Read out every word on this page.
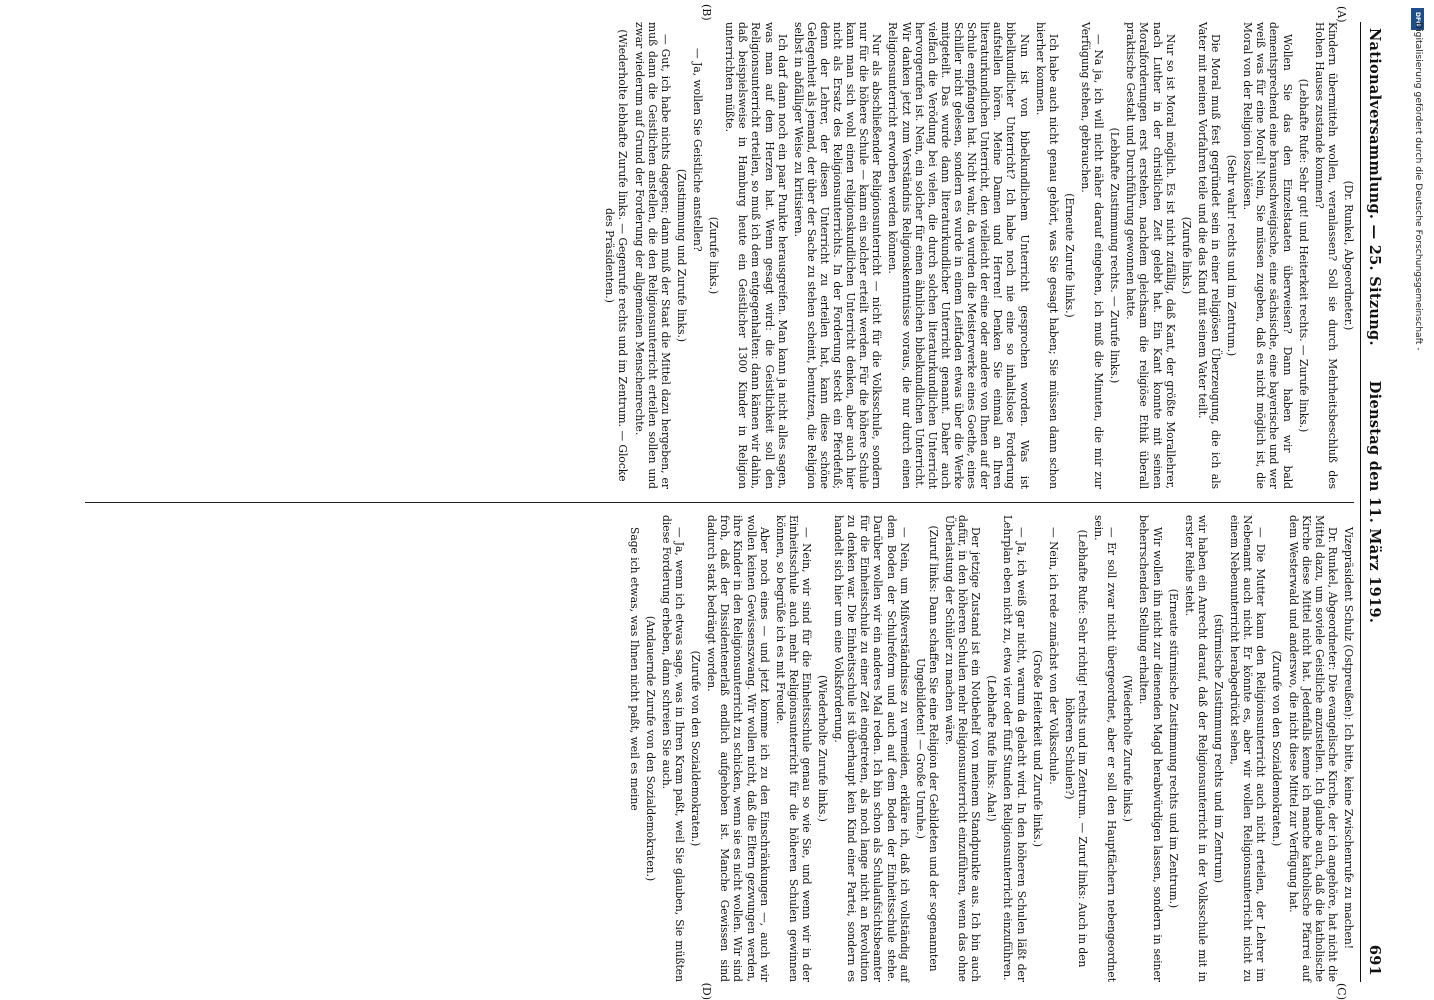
Nationalversammlung. — 25. Sitzung.
Dienstag den 11. März 1919.
691
(A)
(B)

(Dr. Runkel, Abgeordneter.)

Kindern übermitteln wollen, veranlassen? Soll sie durch Mehrheitsbeschluß des Hohen Hauses zustande kommen?

(Lebhafte Rufe: Sehr gut! und Heiterkeit rechts. — Zurufe links.)

Wollen Sie das den Einzelstaaten überweisen? Dann haben wir bald dementsprechend eine braunschweigische, eine sächsische, eine bayerische und wer weiß was für eine Moral! Nein, Sie müssen zugeben, daß es nicht möglich ist, die Moral von der Religion loszulösen.

(Sehr wahr! rechts und im Zentrum.)

Die Moral muß fest gegründet sein in einer religiösen Überzeugung, die ich als Vater mit meinen Vorfahren teile und die das Kind mit seinem Vater teilt.

(Zurufe links.)

Nur so ist Moral möglich. Es ist nicht zufällig, daß Kant, der größte Morallehrer, nach Luther in der christlichen Zeit gelebt hat. Ein Kant konnte mit seinen Moralforderungen erst erstehen, nachdem gleichsam die religiöse Ethik überall praktische Gestalt und Durchführung gewonnen hatte.

(Lebhafte Zustimmung rechts. — Zurufe links.)

— Na ja, ich will nicht näher darauf eingehen, ich muß die Minuten, die mir zur Verfügung stehen, gebrauchen.

(Erneute Zurufe links.)

Ich habe auch nicht genau gehört, was Sie gesagt haben; Sie müssen dann schon hierher kommen.

Nun ist von bibelkundlichem Unterricht gesprochen worden. Was ist bibelkundlicher Unterricht? Ich habe noch nie eine so inhaltslose Forderung aufstellen hören. Meine Damen und Herren! Denken Sie einmal an Ihren literaturkundlichen Unterricht, den vielleicht der eine oder andere von Ihnen auf der Schule empfangen hat. Nicht wahr, da wurden die Meisterwerke eines Goethe, eines Schiller nicht gelesen, sondern es wurde in einem Leitfaden etwas über die Werke mitgeteilt. Das wurde dann literaturkundlicher Unterricht genannt. Daher auch vielfach die Verödung bei vielen, die durch solchen literaturkundlichen Unterricht hervorgerufen ist. Nein, ein solcher für einen ähnlichen bibelkundlichen Unterricht. Wir danken jetzt zum Verständnis Religionskenntnisse voraus, die nur durch einen Religionsunterricht erworben werden können.

Nur als abschließender Religionsunterricht — nicht für die Volksschule, sondern nur für die höhere Schule — kann ein solcher erteilt werden. Für die höhere Schule kann man sich wohl einen religionskundlichen Unterricht denken, aber auch hier nicht als Ersatz des Religionsunterrichts. In der Forderung steckt ein Pferdefuß; denn der Lehrer, der diesen Unterricht zu erteilen hat, kann diese schöne Gelegenheit als jemand, der über der Sache zu stehen scheint, benutzen, die Religion selbst in abfälliger Weise zu kritisieren.

Ich darf dann noch ein paar Punkte herausgreifen. Man kann ja nicht alles sagen, was man auf dem Herzen hat. Wenn gesagt wird: die Geistlichkeit soll den Religionsunterricht erteilen, so muß ich dem entgegenhalten: dann kämen wir dahin, daß beispielsweise in Hamburg heute ein Geistlicher 1300 Kinder in Religion unterrichten müßte.

(Zurufe links.)

— Ja, wollen Sie Geistliche anstellen?

(Zustimmung und Zurufe links.)

— Gut, ich habe nichts dagegen; dann muß der Staat die Mittel dazu hergeben, er muß dann die Geistlichen anstellen, die den Religionsunterricht erteilen sollen und zwar wiederum auf Grund der Forderung der allgemeinen Menschenrechte.

(Wiederholte lebhafte Zurufe links. — Gegenrufe rechts und im Zentrum. — Glocke des Präsidenten.)

(C)
(D)

Vizepräsident Schulz (Ostpreußen): Ich bitte, keine Zwischenrufe zu machen!

Dr. Runkel, Abgeordneter: Die evangelische Kirche, der ich angehöre, hat nicht die Mittel dazu, um soviele Geistliche anzustellen. Ich glaube auch, daß die katholische Kirche diese Mittel nicht hat. Jedenfalls kenne ich manche katholische Pfarrei auf dem Westerwald und anderswo, die nicht diese Mittel zur Verfügung hat.

(Zurufe von den Sozialdemokraten.)

— Die Mutter kann den Religionsunterricht auch nicht erteilen, der Lehrer im Nebenamt auch nicht. Er könnte es, aber wir wollen Religionsunterricht nicht zu einem Nebenunterricht herabgedrückt sehen,

(stürmische Zustimmung rechts und im Zentrum)

wir haben ein Anrecht darauf, daß der Religionsunterricht in der Volksschule mit in erster Reihe steht.

(Erneute stürmische Zustimmung rechts und im Zentrum.)

Wir wollen ihn nicht zur dienenden Magd herabwürdigen lassen, sondern in seiner beherrschenden Stellung erhalten.

(Wiederholte Zurufe links.)

— Er soll zwar nicht übergeordnet, aber er soll den Hauptfächern nebengeordnet sein.

(Lebhafte Rufe: Sehr richtig! rechts und im Zentrum. — Zuruf links: Auch in den höheren Schulen?)

— Nein, ich rede zunächst von der Volksschule.

(Große Heiterkeit und Zurufe links.)

— Ja, ich weiß gar nicht, warum da gelacht wird. In den höheren Schulen läßt der Lehrplan eben nicht zu, etwa vier oder fünf Stunden Religionsunterricht einzuführen.

(Lebhafte Rufe links: Aha!)

Der jetzige Zustand ist ein Notbehelf von meinem Standpunkte aus. Ich bin auch dafür, in den höheren Schulen mehr Religionsunterricht einzuführen, wenn das ohne Überlastung der Schüler zu machen wäre.

(Zuruf links: Dann schaffen Sie eine Religion der Gebildeten und der sogenannten Ungebildeten! — Große Unruhe.)

— Nein, um Mißverständnisse zu vermeiden, erkläre ich, daß ich vollständig auf dem Boden der Schulreform und auch auf dem Boden der Einheitsschule stehe. Darüber wollen wir ein anderes Mal reden. Ich bin schon als Schulaufsichtsbeamter für die Einheitsschule zu einer Zeit eingetreten, als noch lange nicht an Revolution zu denken war. Die Einheitsschule ist überhaupt kein Kind einer Partei, sondern es handelt sich hier um eine Volksforderung.

(Wiederholte Zurufe links.)

— Nein, wir sind für die Einheitsschule genau so wie Sie, und wenn wir in der Einheitsschule auch mehr Religionsunterricht für die höheren Schulen gewinnen können, so begrüße ich es mit Freude.

Aber noch eines — und jetzt komme ich zu den Einschränkungen —, auch wir wollen keinen Gewissenszwang. Wir wollen nicht, daß die Eltern gezwungen werden, ihre Kinder in den Religionsunterricht zu schicken, wenn sie es nicht wollen. Wir sind froh, daß der Dissidentenerlaß endlich aufgehoben ist. Manche Gewissen sind dadurch stark bedrängt worden.

(Zurufe von den Sozialdemokraten.)

— Ja, wenn ich etwas sage, was in Ihren Kram paßt, weil Sie glauben, Sie müßten diese Forderung erheben, dann schreien Sie auch.

(Andauernde Zurufe von den Sozialdemokraten.)

Sage ich etwas, was Ihnen nicht paßt, weil es meine

DFG
Digitalisierung gefördert durch die Deutsche Forschungsgemeinschaft -
